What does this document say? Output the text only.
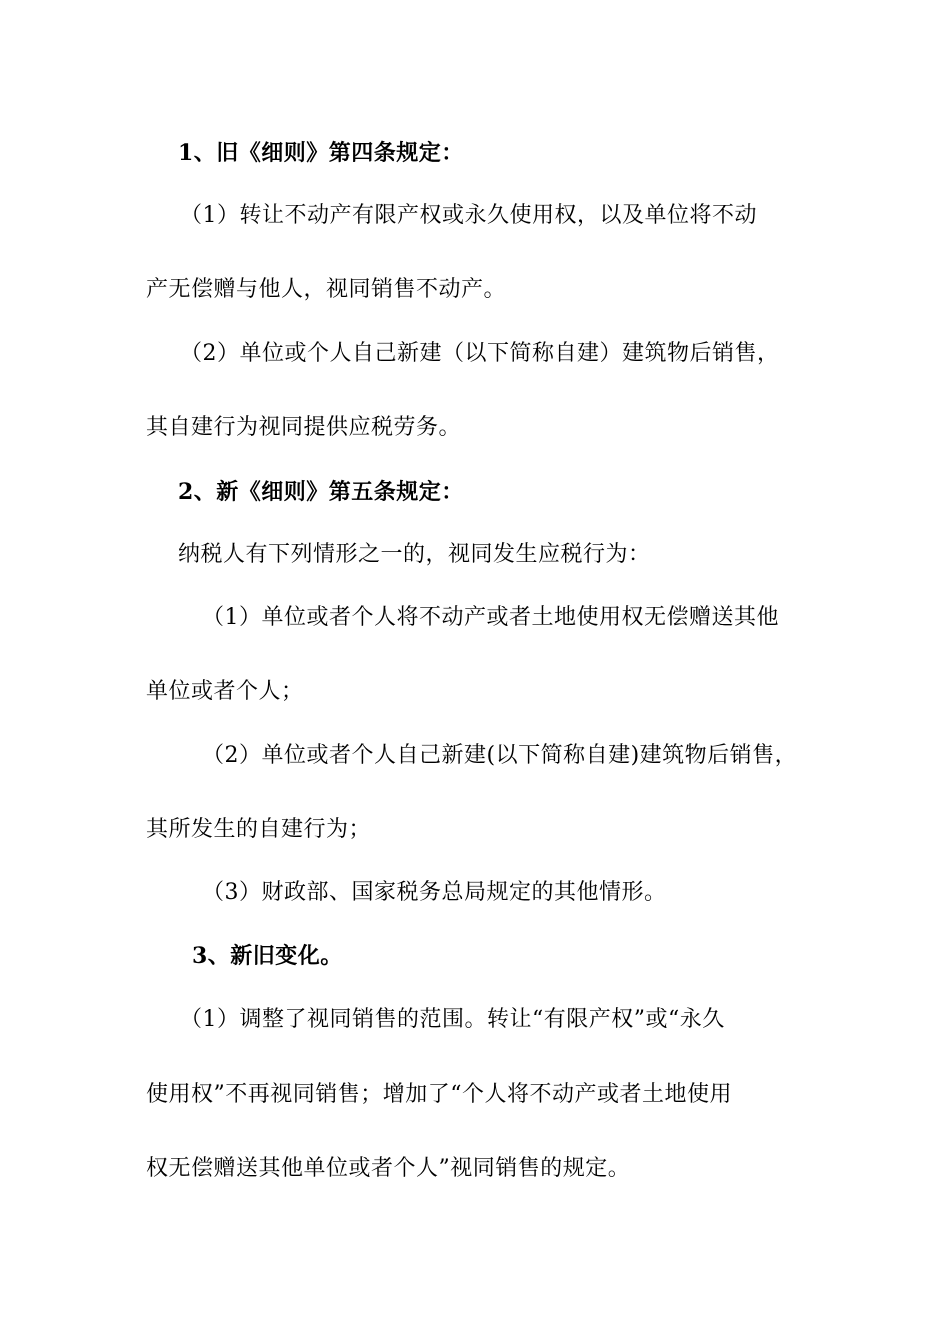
1、旧《细则》第四条规定：
（1）转让不动产有限产权或永久使用权，以及单位将不动
产无偿赠与他人，视同销售不动产。
（2）单位或个人自己新建（以下简称自建）建筑物后销售，
其自建行为视同提供应税劳务。
2、新《细则》第五条规定：
纳税人有下列情形之一的，视同发生应税行为：
（1）单位或者个人将不动产或者土地使用权无偿赠送其他
单位或者个人；
（2）单位或者个人自己新建(以下简称自建)建筑物后销售，
其所发生的自建行为；
（3）财政部、国家税务总局规定的其他情形。
3、新旧变化。
（1）调整了视同销售的范围。转让“有限产权”或“永久
使用权”不再视同销售；增加了“个人将不动产或者土地使用
权无偿赠送其他单位或者个人”视同销售的规定。
